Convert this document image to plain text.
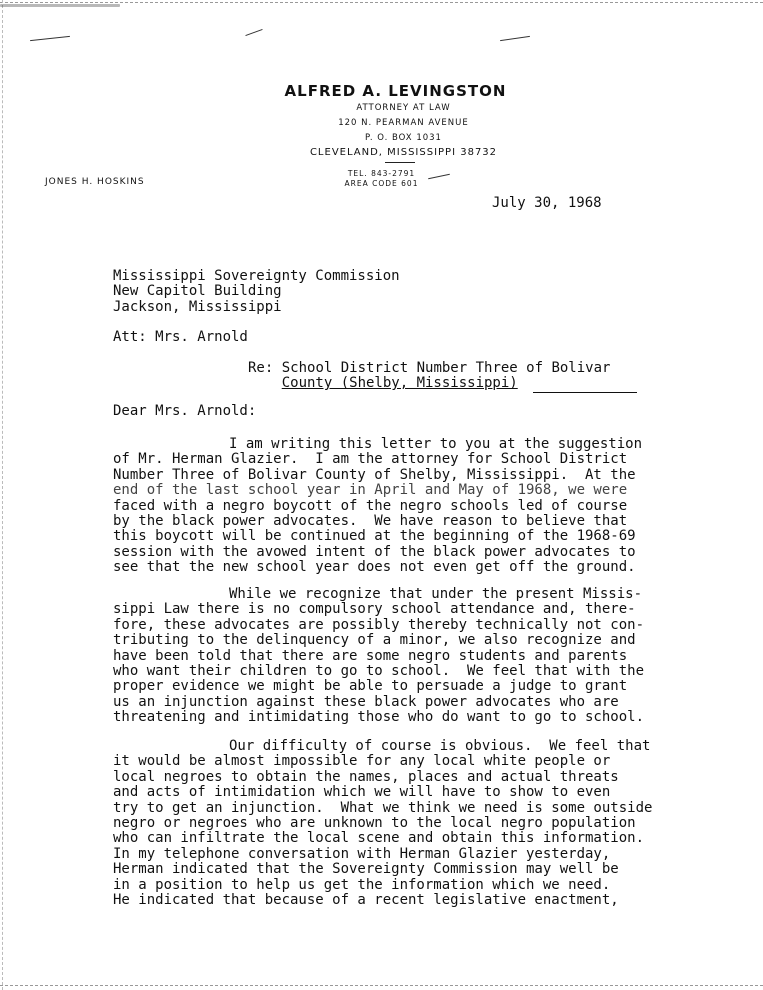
ALFRED A. LEVINGSTON
ATTORNEY AT LAW
120 N. PEARMAN AVENUE
P. O. BOX 1031
CLEVELAND, MISSISSIPPI 38732
TEL. 843-2791
AREA CODE 601
JONES H. HOSKINS
July 30, 1968
Mississippi Sovereignty Commission
New Capitol Building
Jackson, Mississippi
Att: Mrs. Arnold
Re: School District Number Three of Bolivar
County (Shelby, Mississippi)
Dear Mrs. Arnold:
I am writing this letter to you at the suggestion
of Mr. Herman Glazier.  I am the attorney for School District
Number Three of Bolivar County of Shelby, Mississippi.  At the
end of the last school year in April and May of 1968, we were
faced with a negro boycott of the negro schools led of course
by the black power advocates.  We have reason to believe that
this boycott will be continued at the beginning of the 1968-69
session with the avowed intent of the black power advocates to
see that the new school year does not even get off the ground.
While we recognize that under the present Missis-
sippi Law there is no compulsory school attendance and, there-
fore, these advocates are possibly thereby technically not con-
tributing to the delinquency of a minor, we also recognize and
have been told that there are some negro students and parents
who want their children to go to school.  We feel that with the
proper evidence we might be able to persuade a judge to grant
us an injunction against these black power advocates who are
threatening and intimidating those who do want to go to school.
Our difficulty of course is obvious.  We feel that
it would be almost impossible for any local white people or
local negroes to obtain the names, places and actual threats
and acts of intimidation which we will have to show to even
try to get an injunction.  What we think we need is some outside
negro or negroes who are unknown to the local negro population
who can infiltrate the local scene and obtain this information.
In my telephone conversation with Herman Glazier yesterday,
Herman indicated that the Sovereignty Commission may well be
in a position to help us get the information which we need.
He indicated that because of a recent legislative enactment,
